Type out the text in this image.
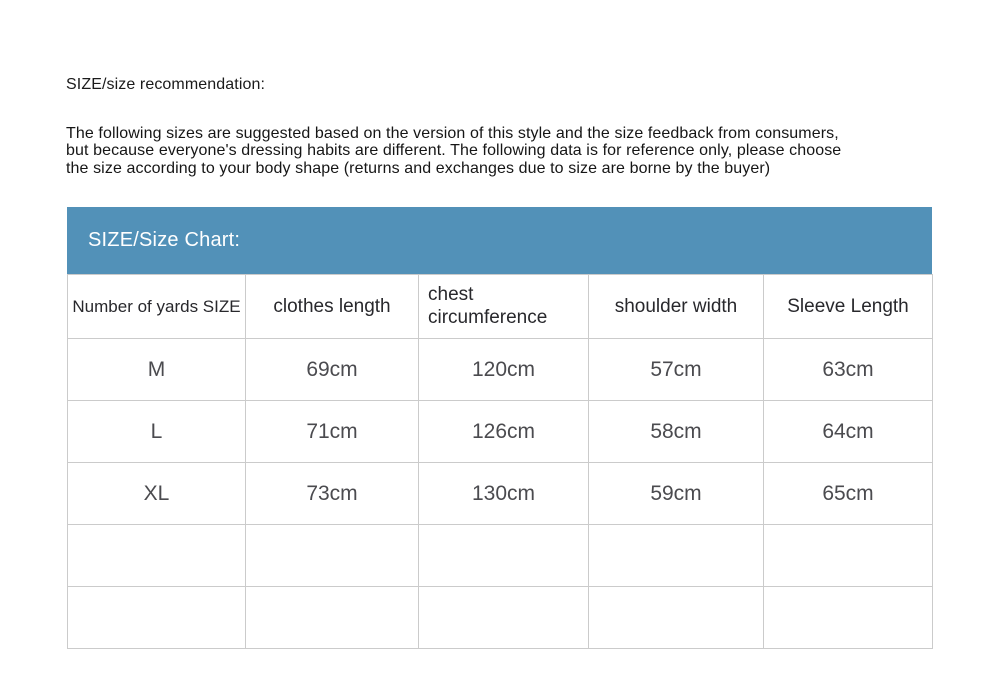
SIZE/size recommendation:
The following sizes are suggested based on the version of this style and the size feedback from consumers,
but because everyone's dressing habits are different. The following data is for reference only, please choose
the size according to your body shape (returns and exchanges due to size are borne by the buyer)
SIZE/Size Chart:
Number of yards SIZE	clothes length	chest circumference	shoulder width	Sleeve Length
M	69cm	120cm	57cm	63cm
L	71cm	126cm	58cm	64cm
XL	73cm	130cm	59cm	65cm
